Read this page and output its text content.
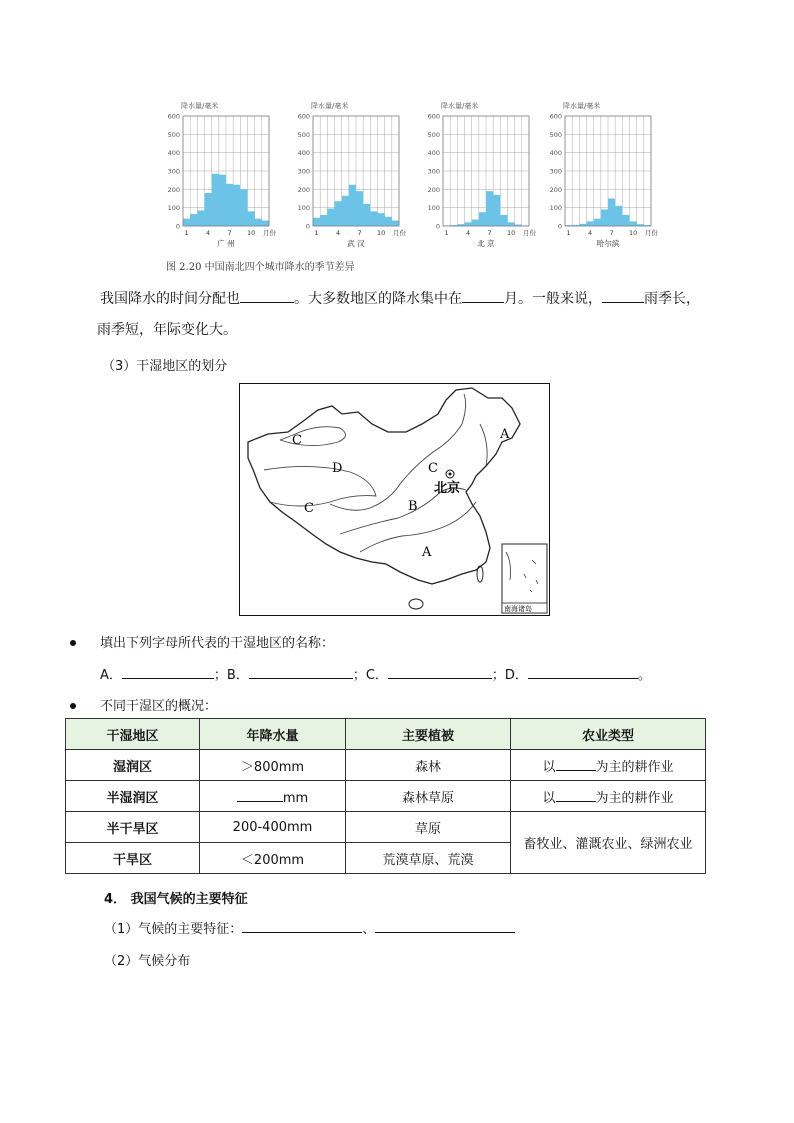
降水量/毫米
600
500
400
300
200
100
0
1	4	7 10 月份
广 州
降水量/毫米
600
500
400
300
200
100
0
1	4	7 10 月份
武 汉
降水量/毫米
600
500
400
300
200
100
0
1	4	7 10 月份
北 京
降水量/毫米
600
500
400
300
200
100
0
1	4	7 10 月份
哈尔滨
图 2.20 中国南北四个城市降水的季节差异
我国降水的时间分配也	。大多数地区的降水集中在	月。一般来说，	雨季长，
雨季短，年际变化大。
（3）干湿地区的划分
C
D	C
C	B
A
A
北京
南海诸岛
填出下列字母所代表的干湿地区的名称：
A．	；B．	；C．	；D．	。
不同干湿区的概况：
干湿地区	年降水量	主要植被	农业类型
湿润区	＞800mm	森林	以 为主的耕作业
半湿润区	mm	森林草原	以 为主的耕作业
半干旱区	200-400mm	草原	畜牧业、灌溉农业、绿洲农业
干旱区	＜200mm	荒漠草原、荒漠	
4． 我国气候的主要特征
（1）气候的主要特征：	、
（2）气候分布
